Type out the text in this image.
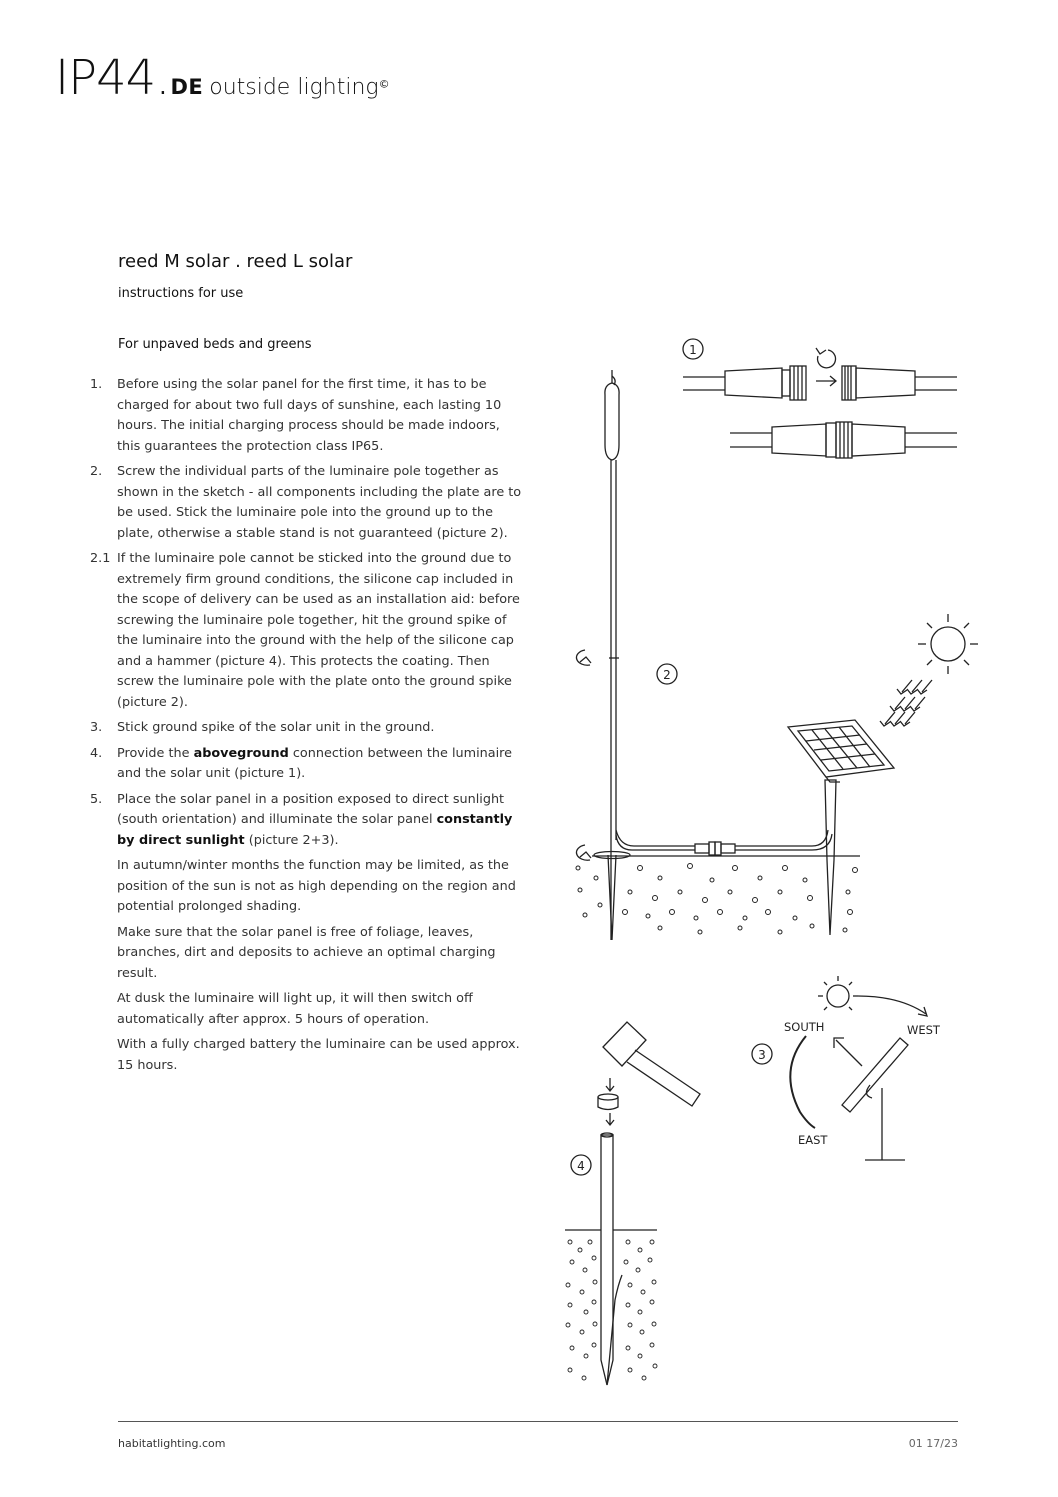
IP44.DE outside lighting©
reed M solar . reed L solar
instructions for use
For unpaved beds and greens
1. Before using the solar panel for the first time, it has to be charged for about two full days of sunshine, each lasting 10 hours. The initial charging process should be made indoors, this guarantees the protection class IP65.
2. Screw the individual parts of the luminaire pole together as shown in the sketch - all components including the plate are to be used. Stick the luminaire pole into the ground up to the plate, otherwise a stable stand is not guaranteed (picture 2).
2.1 If the luminaire pole cannot be sticked into the ground due to extremely firm ground conditions, the silicone cap included in the scope of delivery can be used as an installation aid: before screwing the luminaire pole together, hit the ground spike of the luminaire into the ground with the help of the silicone cap and a hammer (picture 4). This protects the coating. Then screw the luminaire pole with the plate onto the ground spike (picture 2).
3. Stick ground spike of the solar unit in the ground.
4. Provide the aboveground connection between the luminaire and the solar unit (picture 1).
5. Place the solar panel in a position exposed to direct sunlight (south orientation) and illuminate the solar panel constantly by direct sunlight (picture 2+3).
In autumn/winter months the function may be limited, as the position of the sun is not as high depending on the region and potential prolonged shading.
Make sure that the solar panel is free of foliage, leaves, branches, dirt and deposits to achieve an optimal charging result.
At dusk the luminaire will light up, it will then switch off automatically after approx. 5 hours of operation.
With a fully charged battery the luminaire can be used approx. 15 hours.
1
2
3
SOUTH	WEST
EAST
4
habitatlighting.com	01 17/23
